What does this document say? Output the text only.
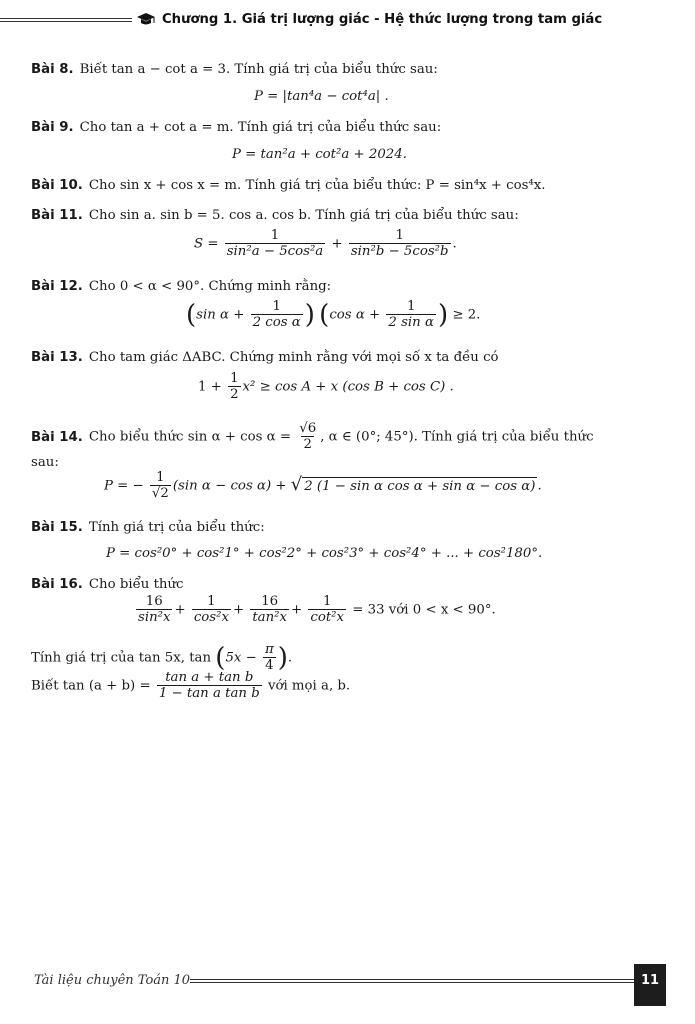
Chương 1. Giá trị lượng giác - Hệ thức lượng trong tam giác
Bài 8. Biết tan a − cot a = 3. Tính giá trị của biểu thức sau:
P = |tan⁴a − cot⁴a| .
Bài 9. Cho tan a + cot a = m. Tính giá trị của biểu thức sau:
P = tan²a + cot²a + 2024.
Bài 10. Cho sin x + cos x = m. Tính giá trị của biểu thức: P = sin⁴x + cos⁴x.
Bài 11. Cho sin a. sin b = 5. cos a. cos b. Tính giá trị của biểu thức sau:
$S = \frac{1}{\text{sin²a − 5cos²a}} + \frac{1}{\text{sin²b − 5cos²b}}$ .
Bài 12. Cho 0 < α < 90°. Chứng minh rằng:
(sin $\alpha + \frac{1}{\text{2 cos α}}$ ) (cos $\alpha + \frac{1}{\text{2 sin α}}$ ) ≥ 2.
Bài 13. Cho tam giác ΔABC. Chứng minh rằng với mọi số x ta đều có
$1 + \frac{1}{2} x^2 \ge \cos A + x$ (cos B + cos C) .
Bài 14. Cho biểu thức $\sin \alpha + \cos \alpha = \frac{√6}{2}$ , α ∈ (0°; 45°). Tính giá trị của biểu thức
sau:
P = − $\frac{1}{√2} (\sin$ α − cos α) + √ 2 (1 − sin α cos α + sin α − cos α) .
Bài 15. Tính giá trị của biểu thức:
P = cos²0° + cos²1° + cos²2° + cos²3° + cos²4° + ... + cos²180°.
Bài 16. Cho biểu thức
$\frac{16}{\text{sin²x}} + \frac{1}{\text{cos²x}} + \frac{16}{\text{tan²x}} + \frac{1}{\text{cot²x}} = 33$ với 0 < x < 90°.
Tính giá trị của tan 5x, $\tan (5x - \frac{\pi}{4}$ ).
Biết $\tan (a + b) = \frac{\text{tan a + tan b}}{\text{1 − tan a tan b}}$ với mọi a, b.
Tài liệu chuyên Toán 10	11
